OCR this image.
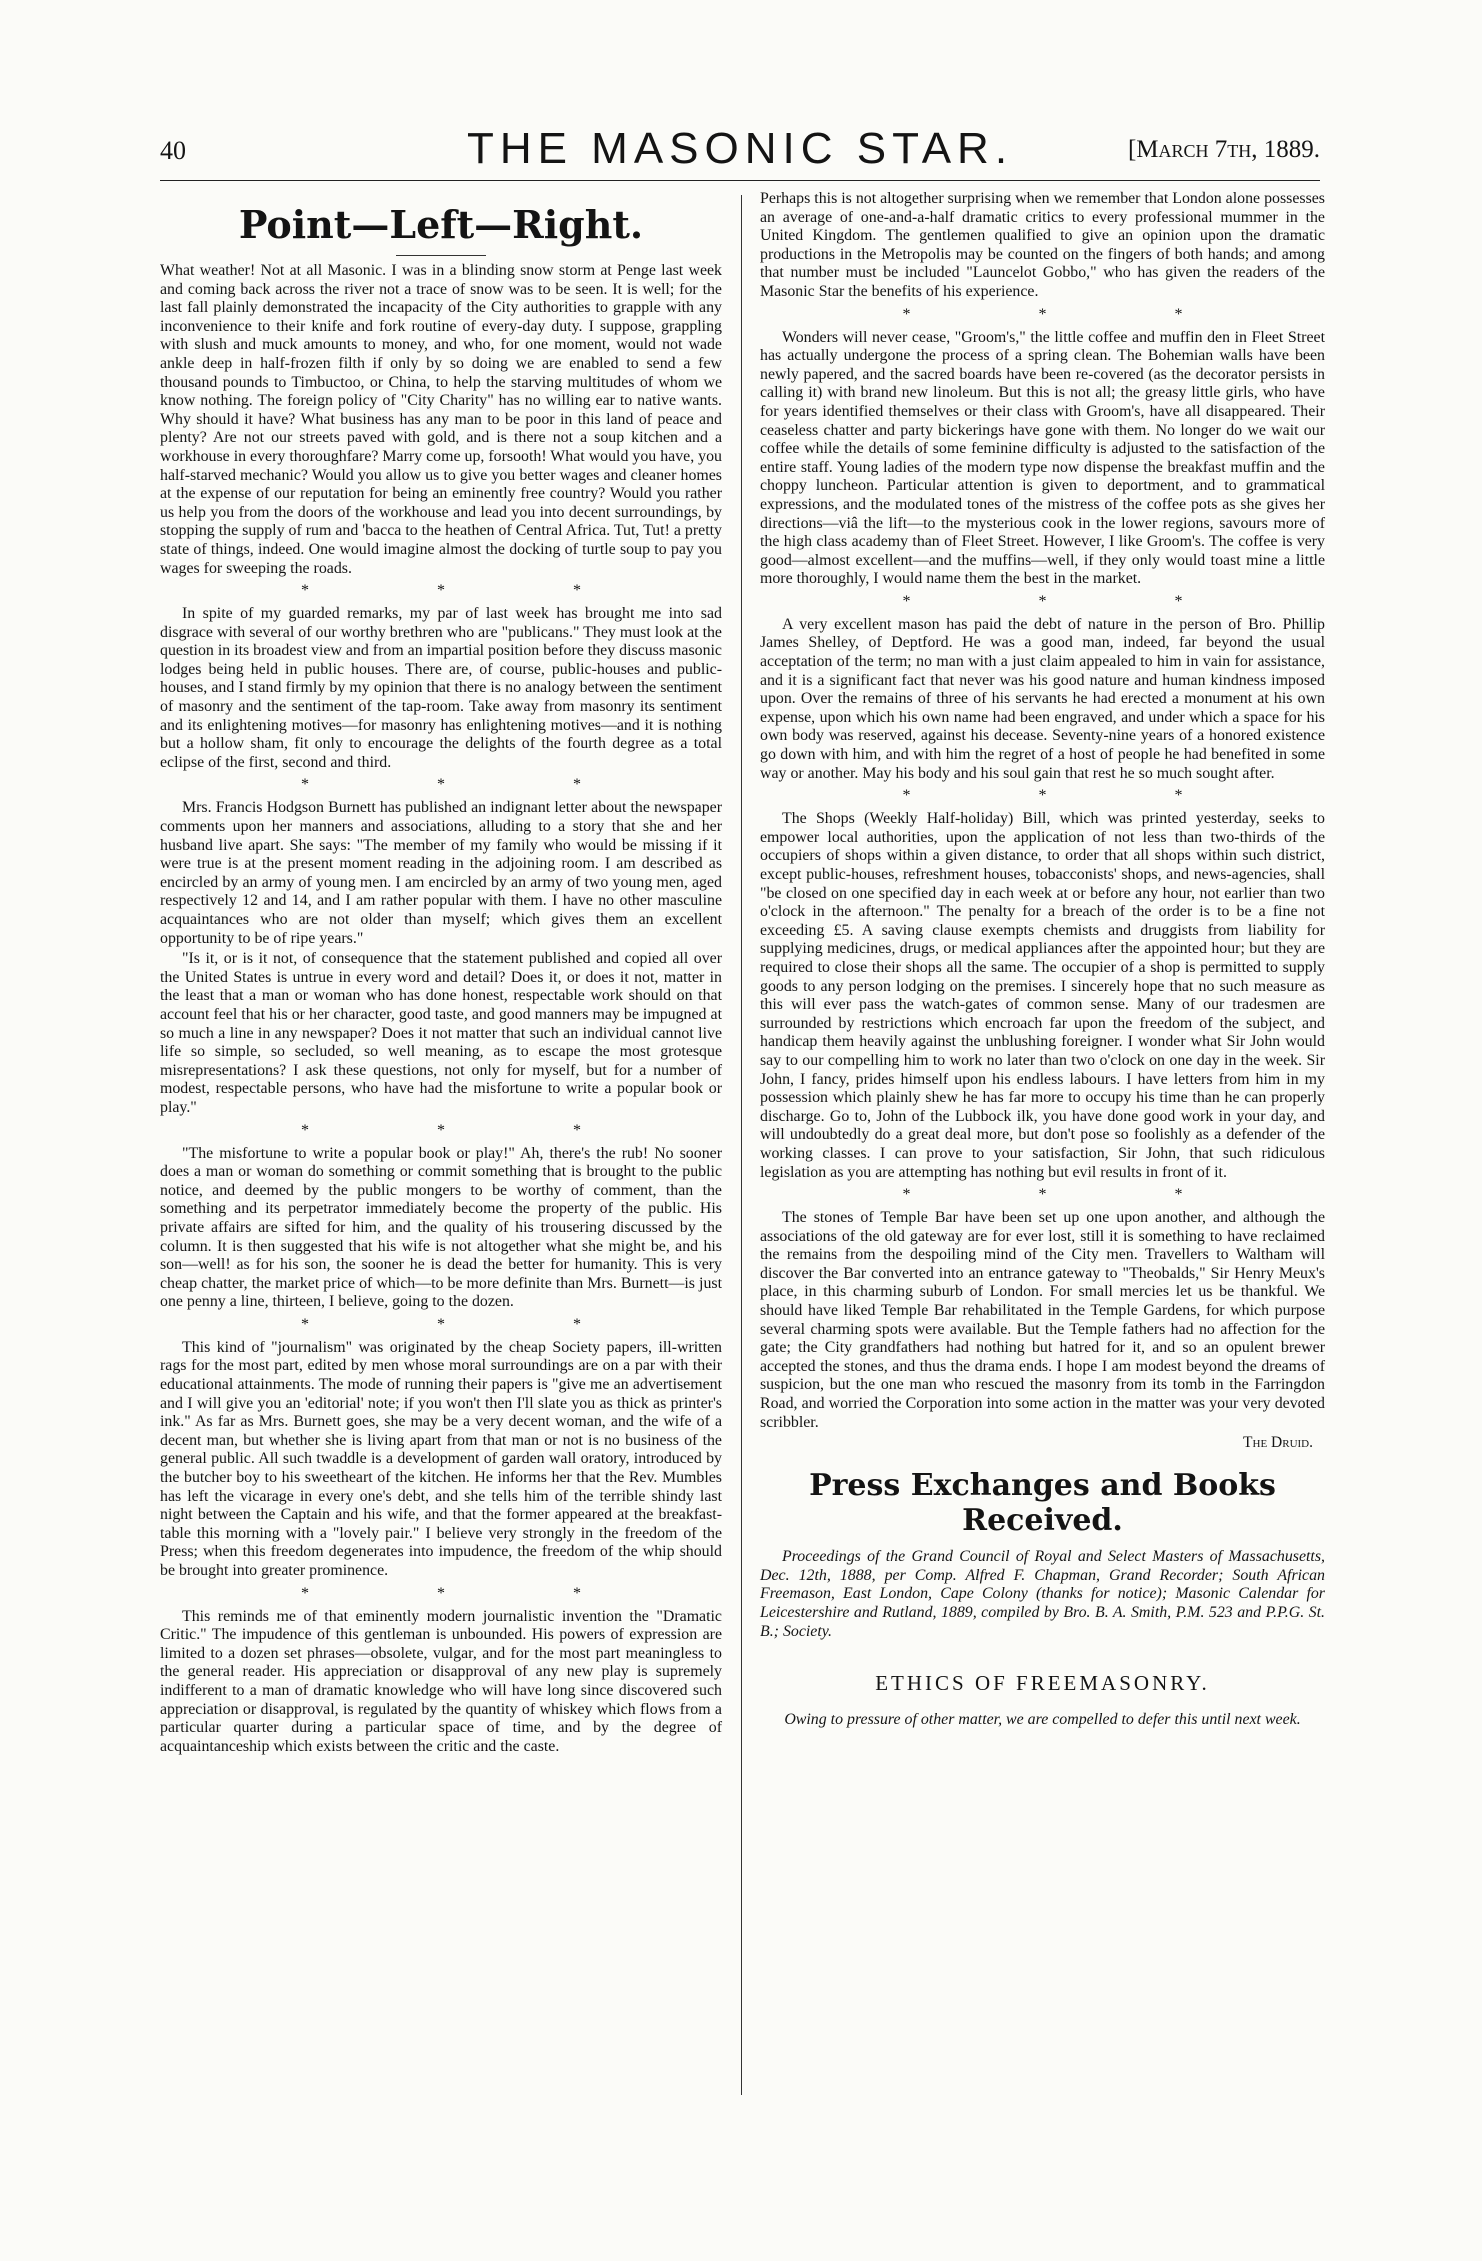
40	THE MASONIC STAR.	[March 7th, 1889.
Point—Left—Right.

What weather! Not at all Masonic. I was in a blinding snow storm at Penge last week and coming back across the river not a trace of snow was to be seen. It is well; for the last fall plainly demonstrated the incapacity of the City authorities to grapple with any inconvenience to their knife and fork routine of every-day duty. I suppose, grappling with slush and muck amounts to money, and who, for one moment, would not wade ankle deep in half-frozen filth if only by so doing we are enabled to send a few thousand pounds to Timbuctoo, or China, to help the starving multitudes of whom we know nothing. The foreign policy of "City Charity" has no willing ear to native wants. Why should it have? What business has any man to be poor in this land of peace and plenty? Are not our streets paved with gold, and is there not a soup kitchen and a workhouse in every thoroughfare? Marry come up, forsooth! What would you have, you half-starved mechanic? Would you allow us to give you better wages and cleaner homes at the expense of our reputation for being an eminently free country? Would you rather us help you from the doors of the workhouse and lead you into decent surroundings, by stopping the supply of rum and 'bacca to the heathen of Central Africa. Tut, Tut! a pretty state of things, indeed. One would imagine almost the docking of turtle soup to pay you wages for sweeping the roads.

* * *

In spite of my guarded remarks, my par of last week has brought me into sad disgrace with several of our worthy brethren who are "publicans." They must look at the question in its broadest view and from an impartial position before they discuss masonic lodges being held in public houses. There are, of course, public-houses and public-houses, and I stand firmly by my opinion that there is no analogy between the sentiment of masonry and the sentiment of the tap-room. Take away from masonry its sentiment and its enlightening motives—for masonry has enlightening motives—and it is nothing but a hollow sham, fit only to encourage the delights of the fourth degree as a total eclipse of the first, second and third.

* * *

Mrs. Francis Hodgson Burnett has published an indignant letter about the newspaper comments upon her manners and associations, alluding to a story that she and her husband live apart. She says: "The member of my family who would be missing if it were true is at the present moment reading in the adjoining room. I am described as encircled by an army of young men. I am encircled by an army of two young men, aged respectively 12 and 14, and I am rather popular with them. I have no other masculine acquaintances who are not older than myself; which gives them an excellent opportunity to be of ripe years."

"Is it, or is it not, of consequence that the statement published and copied all over the United States is untrue in every word and detail? Does it, or does it not, matter in the least that a man or woman who has done honest, respectable work should on that account feel that his or her character, good taste, and good manners may be impugned at so much a line in any newspaper? Does it not matter that such an individual cannot live life so simple, so secluded, so well meaning, as to escape the most grotesque misrepresentations? I ask these questions, not only for myself, but for a number of modest, respectable persons, who have had the misfortune to write a popular book or play."

* * *

"The misfortune to write a popular book or play!" Ah, there's the rub! No sooner does a man or woman do something or commit something that is brought to the public notice, and deemed by the public mongers to be worthy of comment, than the something and its perpetrator immediately become the property of the public. His private affairs are sifted for him, and the quality of his trousering discussed by the column. It is then suggested that his wife is not altogether what she might be, and his son—well! as for his son, the sooner he is dead the better for humanity. This is very cheap chatter, the market price of which—to be more definite than Mrs. Burnett—is just one penny a line, thirteen, I believe, going to the dozen.

* * *

This kind of "journalism" was originated by the cheap Society papers, ill-written rags for the most part, edited by men whose moral surroundings are on a par with their educational attainments. The mode of running their papers is "give me an advertisement and I will give you an 'editorial' note; if you won't then I'll slate you as thick as printer's ink." As far as Mrs. Burnett goes, she may be a very decent woman, and the wife of a decent man, but whether she is living apart from that man or not is no business of the general public. All such twaddle is a development of garden wall oratory, introduced by the butcher boy to his sweetheart of the kitchen. He informs her that the Rev. Mumbles has left the vicarage in every one's debt, and she tells him of the terrible shindy last night between the Captain and his wife, and that the former appeared at the breakfast-table this morning with a "lovely pair." I believe very strongly in the freedom of the Press; when this freedom degenerates into impudence, the freedom of the whip should be brought into greater prominence.

* * *

This reminds me of that eminently modern journalistic invention the "Dramatic Critic." The impudence of this gentleman is unbounded. His powers of expression are limited to a dozen set phrases—obsolete, vulgar, and for the most part meaningless to the general reader. His appreciation or disapproval of any new play is supremely indifferent to a man of dramatic knowledge who will have long since discovered such appreciation or disapproval, is regulated by the quantity of whiskey which flows from a particular quarter during a particular space of time, and by the degree of acquaintanceship which exists between the critic and the caste.

Perhaps this is not altogether surprising when we remember that London alone possesses an average of one-and-a-half dramatic critics to every professional mummer in the United Kingdom. The gentlemen qualified to give an opinion upon the dramatic productions in the Metropolis may be counted on the fingers of both hands; and among that number must be included "Launcelot Gobbo," who has given the readers of the Masonic Star the benefits of his experience.

* * *

Wonders will never cease, "Groom's," the little coffee and muffin den in Fleet Street has actually undergone the process of a spring clean. The Bohemian walls have been newly papered, and the sacred boards have been re-covered (as the decorator persists in calling it) with brand new linoleum. But this is not all; the greasy little girls, who have for years identified themselves or their class with Groom's, have all disappeared. Their ceaseless chatter and party bickerings have gone with them. No longer do we wait our coffee while the details of some feminine difficulty is adjusted to the satisfaction of the entire staff. Young ladies of the modern type now dispense the breakfast muffin and the choppy luncheon. Particular attention is given to deportment, and to grammatical expressions, and the modulated tones of the mistress of the coffee pots as she gives her directions—viâ the lift—to the mysterious cook in the lower regions, savours more of the high class academy than of Fleet Street. However, I like Groom's. The coffee is very good—almost excellent—and the muffins—well, if they only would toast mine a little more thoroughly, I would name them the best in the market.

* * *

A very excellent mason has paid the debt of nature in the person of Bro. Phillip James Shelley, of Deptford. He was a good man, indeed, far beyond the usual acceptation of the term; no man with a just claim appealed to him in vain for assistance, and it is a significant fact that never was his good nature and human kindness imposed upon. Over the remains of three of his servants he had erected a monument at his own expense, upon which his own name had been engraved, and under which a space for his own body was reserved, against his decease. Seventy-nine years of a honored existence go down with him, and with him the regret of a host of people he had benefited in some way or another. May his body and his soul gain that rest he so much sought after.

* * *

The Shops (Weekly Half-holiday) Bill, which was printed yesterday, seeks to empower local authorities, upon the application of not less than two-thirds of the occupiers of shops within a given distance, to order that all shops within such district, except public-houses, refreshment houses, tobacconists' shops, and news-agencies, shall "be closed on one specified day in each week at or before any hour, not earlier than two o'clock in the afternoon." The penalty for a breach of the order is to be a fine not exceeding £5. A saving clause exempts chemists and druggists from liability for supplying medicines, drugs, or medical appliances after the appointed hour; but they are required to close their shops all the same. The occupier of a shop is permitted to supply goods to any person lodging on the premises. I sincerely hope that no such measure as this will ever pass the watch-gates of common sense. Many of our tradesmen are surrounded by restrictions which encroach far upon the freedom of the subject, and handicap them heavily against the unblushing foreigner. I wonder what Sir John would say to our compelling him to work no later than two o'clock on one day in the week. Sir John, I fancy, prides himself upon his endless labours. I have letters from him in my possession which plainly shew he has far more to occupy his time than he can properly discharge. Go to, John of the Lubbock ilk, you have done good work in your day, and will undoubtedly do a great deal more, but don't pose so foolishly as a defender of the working classes. I can prove to your satisfaction, Sir John, that such ridiculous legislation as you are attempting has nothing but evil results in front of it.

* * *

The stones of Temple Bar have been set up one upon another, and although the associations of the old gateway are for ever lost, still it is something to have reclaimed the remains from the despoiling mind of the City men. Travellers to Waltham will discover the Bar converted into an entrance gateway to "Theobalds," Sir Henry Meux's place, in this charming suburb of London. For small mercies let us be thankful. We should have liked Temple Bar rehabilitated in the Temple Gardens, for which purpose several charming spots were available. But the Temple fathers had no affection for the gate; the City grandfathers had nothing but hatred for it, and so an opulent brewer accepted the stones, and thus the drama ends. I hope I am modest beyond the dreams of suspicion, but the one man who rescued the masonry from its tomb in the Farringdon Road, and worried the Corporation into some action in the matter was your very devoted scribbler.

The Druid.
Press Exchanges and Books Received.

Proceedings of the Grand Council of Royal and Select Masters of Massachusetts, Dec. 12th, 1888, per Comp. Alfred F. Chapman, Grand Recorder; South African Freemason, East London, Cape Colony (thanks for notice); Masonic Calendar for Leicestershire and Rutland, 1889, compiled by Bro. B. A. Smith, P.M. 523 and P.P.G. St. B.; Society.

ETHICS OF FREEMASONRY.
Owing to pressure of other matter, we are compelled to defer this until next week.
